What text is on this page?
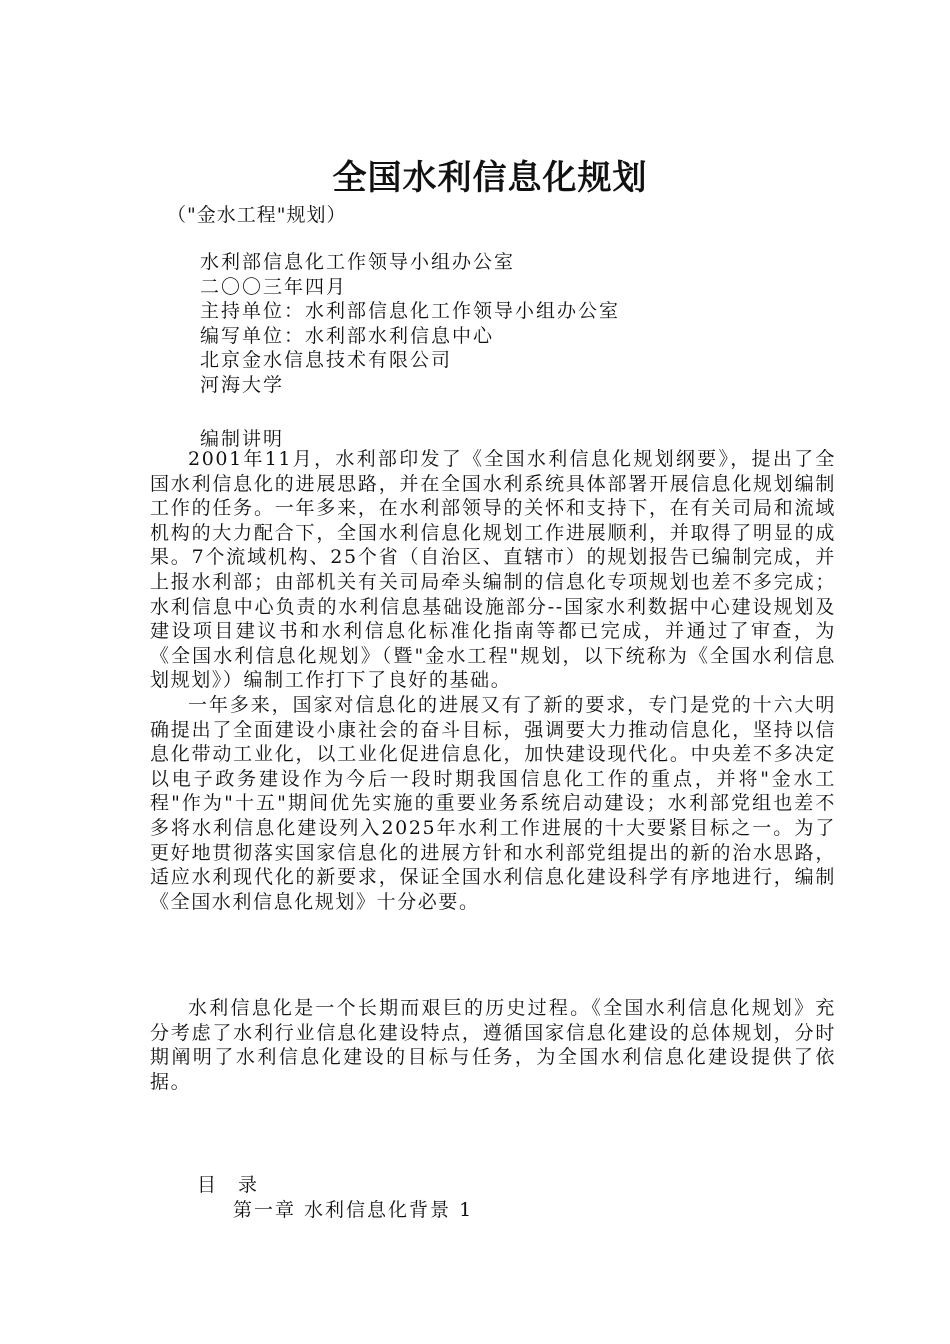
全国水利信息化规划
（"金水工程"规划）
水利部信息化工作领导小组办公室
二〇〇三年四月
主持单位：水利部信息化工作领导小组办公室
编写单位：水利部水利信息中心
北京金水信息技术有限公司
河海大学
编制讲明

2001年11月，水利部印发了《全国水利信息化规划纲要》，提出了全国水利信息化的进展思路，并在全国水利系统具体部署开展信息化规划编制工作的任务。一年多来，在水利部领导的关怀和支持下，在有关司局和流域机构的大力配合下，全国水利信息化规划工作进展顺利，并取得了明显的成果。7个流域机构、25个省（自治区、直辖市）的规划报告已编制完成，并上报水利部；由部机关有关司局牵头编制的信息化专项规划也差不多完成；水利信息中心负责的水利信息基础设施部分--国家水利数据中心建设规划及建设项目建议书和水利信息化标准化指南等都已完成，并通过了审查，为《全国水利信息化规划》（暨"金水工程"规划，以下统称为《全国水利信息划规划》）编制工作打下了良好的基础。

一年多来，国家对信息化的进展又有了新的要求，专门是党的十六大明确提出了全面建设小康社会的奋斗目标，强调要大力推动信息化，坚持以信息化带动工业化，以工业化促进信息化，加快建设现代化。中央差不多决定以电子政务建设作为今后一段时期我国信息化工作的重点，并将"金水工程"作为"十五"期间优先实施的重要业务系统启动建设；水利部党组也差不多将水利信息化建设列入2025年水利工作进展的十大要紧目标之一。为了更好地贯彻落实国家信息化的进展方针和水利部党组提出的新的治水思路，适应水利现代化的新要求，保证全国水利信息化建设科学有序地进行，编制《全国水利信息化规划》十分必要。

水利信息化是一个长期而艰巨的历史过程。《全国水利信息化规划》充分考虑了水利行业信息化建设特点，遵循国家信息化建设的总体规划，分时期阐明了水利信息化建设的目标与任务，为全国水利信息化建设提供了依据。

目 录
第一章 水利信息化背景 1
